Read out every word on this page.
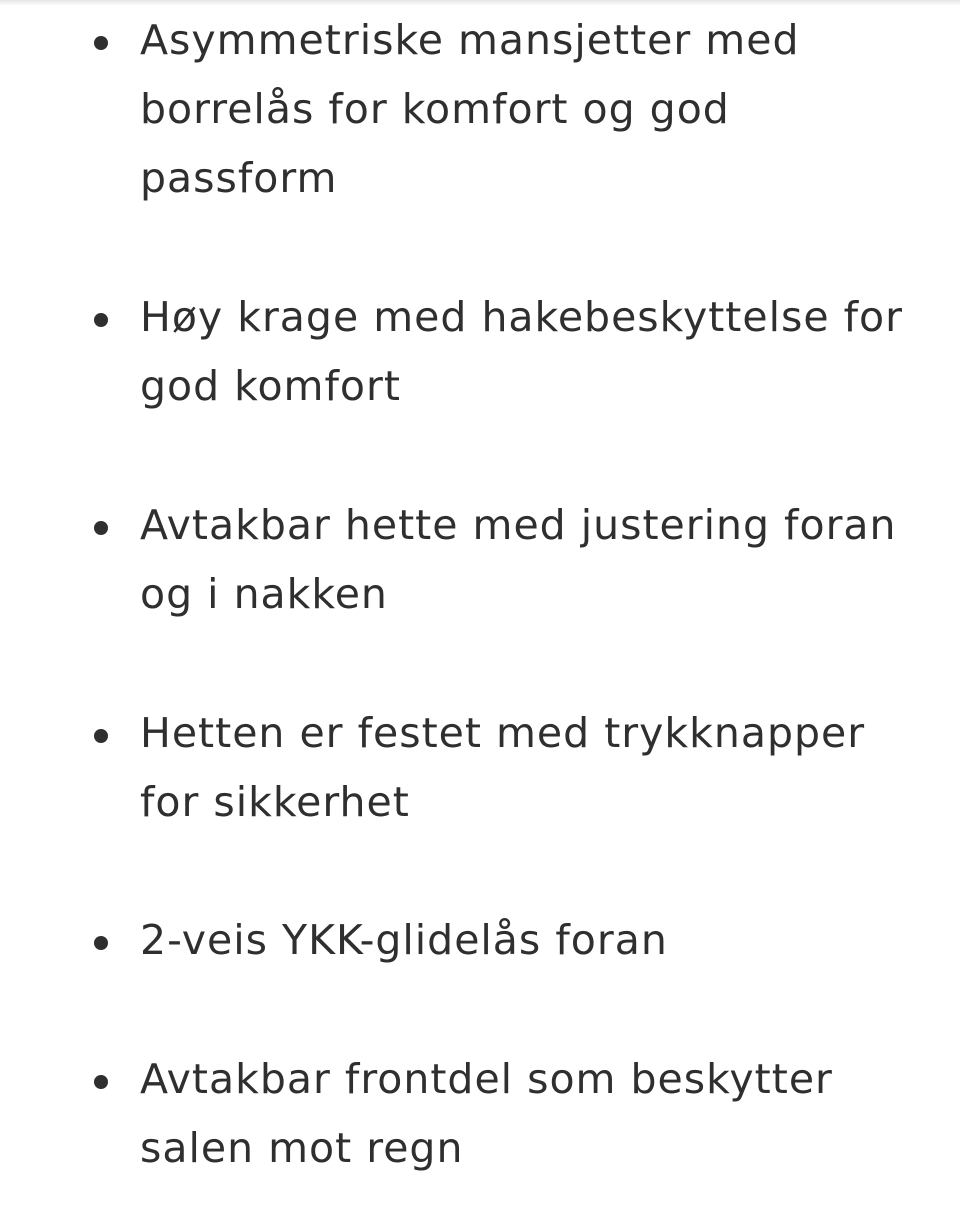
Asymmetriske mansjetter med borrelås for komfort og god passform
Høy krage med hakebeskyttelse for god komfort
Avtakbar hette med justering foran og i nakken
Hetten er festet med trykknapper for sikkerhet
2-veis YKK-glidelås foran
Avtakbar frontdel som beskytter salen mot regn
